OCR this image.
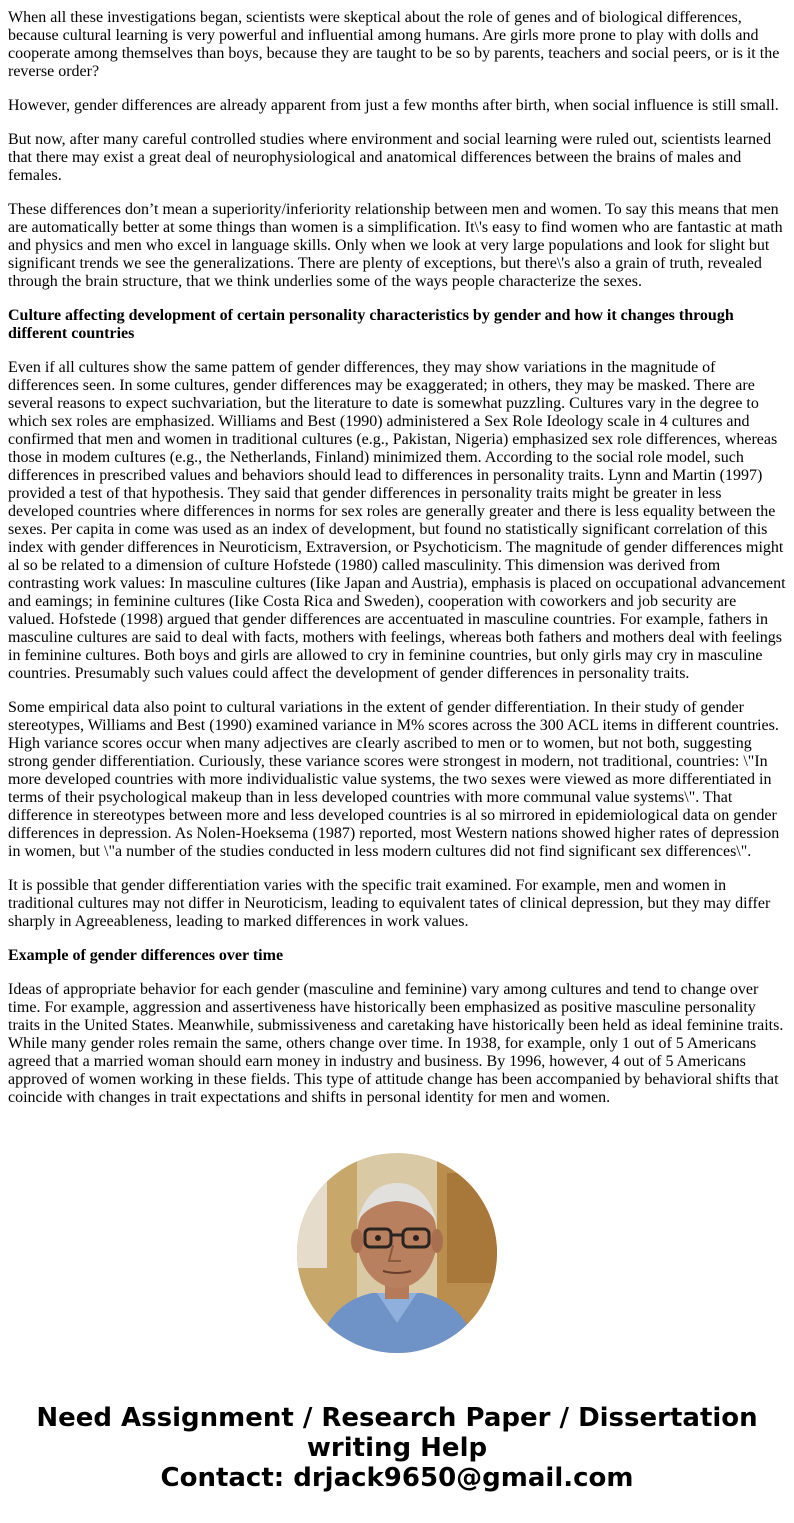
When all these investigations began, scientists were skeptical about the role of genes and of biological differences, because cultural learning is very powerful and influential among humans. Are girls more prone to play with dolls and cooperate among themselves than boys, because they are taught to be so by parents, teachers and social peers, or is it the reverse order?

However, gender differences are already apparent from just a few months after birth, when social influence is still small.

But now, after many careful controlled studies where environment and social learning were ruled out, scientists learned that there may exist a great deal of neurophysiological and anatomical differences between the brains of males and females.

These differences don’t mean a superiority/inferiority relationship between men and women. To say this means that men are automatically better at some things than women is a simplification. It\'s easy to find women who are fantastic at math and physics and men who excel in language skills. Only when we look at very large populations and look for slight but significant trends we see the generalizations. There are plenty of exceptions, but there\'s also a grain of truth, revealed through the brain structure, that we think underlies some of the ways people characterize the sexes.

Culture affecting development of certain personality characteristics by gender and how it changes through different countries

Even if all cultures show the same pattem of gender differences, they may show variations in the magnitude of differences seen. In some cultures, gender differences may be exaggerated; in others, they may be masked. There are several reasons to expect suchvariation, but the literature to date is somewhat puzzling. Cultures vary in the degree to which sex roles are emphasized. Williams and Best (1990) administered a Sex Role Ideology scale in 4 cultures and confirmed that men and women in traditional cultures (e.g., Pakistan, Nigeria) emphasized sex role differences, whereas those in modem cuItures (e.g., the Netherlands, Finland) minimized them. According to the social role model, such differences in prescribed values and behaviors should lead to differences in personality traits. Lynn and Martin (1997) provided a test of that hypothesis. They said that gender differences in personality traits might be greater in less developed countries where differences in norms for sex roles are generally greater and there is less equality between the sexes. Per capita in come was used as an index of development, but found no statistically significant correlation of this index with gender differences in Neuroticism, Extraversion, or Psychoticism. The magnitude of gender differences might al so be related to a dimension of cuIture Hofstede (1980) called masculinity. This dimension was derived from contrasting work values: In masculine cultures (Iike Japan and Austria), emphasis is placed on occupational advancement and eamings; in feminine cultures (Iike Costa Rica and Sweden), cooperation with coworkers and job security are valued. Hofstede (1998) argued that gender differences are accentuated in masculine countries. For example, fathers in masculine cultures are said to deal with facts, mothers with feelings, whereas both fathers and mothers deal with feelings in feminine cultures. Both boys and girls are allowed to cry in feminine countries, but only girls may cry in masculine countries. Presumably such values could affect the development of gender differences in personality traits.

Some empirical data also point to cultural variations in the extent of gender differentiation. In their study of gender stereotypes, Williams and Best (1990) examined variance in M% scores across the 300 ACL items in different countries. High variance scores occur when many adjectives are cIearly ascribed to men or to women, but not both, suggesting strong gender differentiation. Curiously, these variance scores were strongest in modern, not traditional, countries: \"In more developed countries with more individualistic value systems, the two sexes were viewed as more differentiated in terms of their psychological makeup than in less developed countries with more communal value systems\". That difference in stereotypes between more and less developed countries is al so mirrored in epidemiological data on gender differences in depression. As Nolen-Hoeksema (1987) reported, most Western nations showed higher rates of depression in women, but \"a number of the studies conducted in less modern cultures did not find significant sex differences\".

It is possible that gender differentiation varies with the specific trait examined. For example, men and women in traditional cultures may not differ in Neuroticism, leading to equivalent tates of clinical depression, but they may differ sharply in Agreeableness, leading to marked differences in work values.

Example of gender differences over time

Ideas of appropriate behavior for each gender (masculine and feminine) vary among cultures and tend to change over time. For example, aggression and assertiveness have historically been emphasized as positive masculine personality traits in the United States. Meanwhile, submissiveness and caretaking have historically been held as ideal feminine traits. While many gender roles remain the same, others change over time. In 1938, for example, only 1 out of 5 Americans agreed that a married woman should earn money in industry and business. By 1996, however, 4 out of 5 Americans approved of women working in these fields. This type of attitude change has been accompanied by behavioral shifts that coincide with changes in trait expectations and shifts in personal identity for men and women.

Need Assignment / Research Paper / Dissertation
writing Help
Contact: drjack9650@gmail.com
